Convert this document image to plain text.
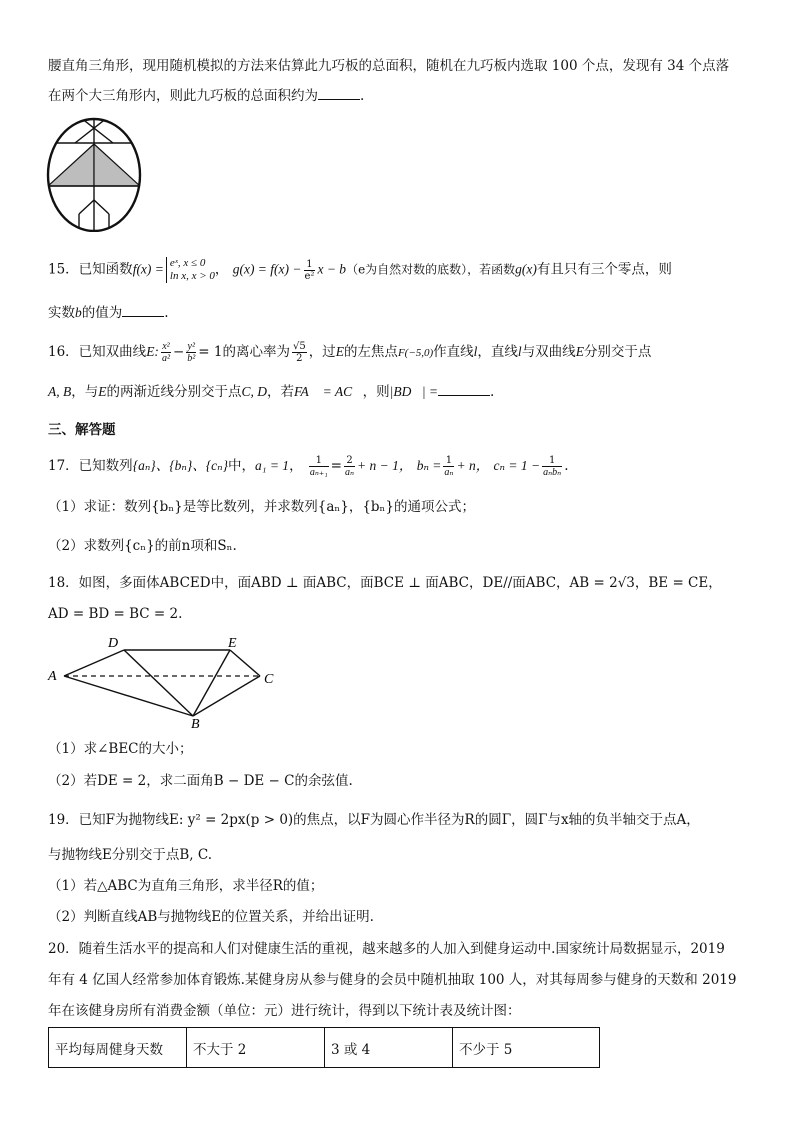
腰直角三角形，现用随机模拟的方法来估算此九巧板的总面积，随机在九巧板内选取 100 个点，发现有 34 个点落
在两个大三角形内，则此九巧板的总面积约为	.
15．已知函数f(x) = eˣ, x ≤ 0
ln x, x > 0 ， $g(x) = f(x) - \frac{1}{\text{e²}}$ x − b（e为自然对数的底数），若函数g(x)有且只有三个零点，则
实数b的值为	.
16．已知双曲线E: $\frac{\text{x²}}{\text{a²}} - \frac{\text{y²}}{\text{b²}} = 1$的离心率为 $\frac{√5}{2}$ ，过E的左焦点F(−5,0)作直线l，直线l与双曲线E分别交于点
A, B，与E的两渐近线分别交于点C, D，若FA⃗ = AC⃗，则|BD⃗| =	.
三、解答题
17．已知数列{aₙ}、{bₙ}、{cₙ}中，a₁ = 1， $\frac{1}{\text{aₙ₊₁}} = \frac{2}{\text{aₙ}} + n - 1$， $b_n = \frac{1}{\text{aₙ}} + n$， $c_n = 1 - \frac{1}{\text{aₙbₙ}}$ .
（1）求证：数列{bₙ}是等比数列，并求数列{aₙ}，{bₙ}的通项公式；
（2）求数列{cₙ}的前n项和Sₙ.
18．如图，多面体ABCED中，面ABD ⊥ 面ABC，面BCE ⊥ 面ABC，DE//面ABC，AB = 2√3，BE = CE，
AD = BD = BC = 2.
A
D	E
C
B
（1）求∠BEC的大小；
（2）若DE = 2，求二面角B − DE − C的余弦值.
19．已知F为抛物线E: y² = 2px(p > 0)的焦点，以F为圆心作半径为R的圆Γ，圆Γ与x轴的负半轴交于点A，
与抛物线E分别交于点B, C.
（1）若△ABC为直角三角形，求半径R的值；
（2）判断直线AB与抛物线E的位置关系，并给出证明.
20．随着生活水平的提高和人们对健康生活的重视，越来越多的人加入到健身运动中.国家统计局数据显示，2019
年有 4 亿国人经常参加体育锻炼.某健身房从参与健身的会员中随机抽取 100 人，对其每周参与健身的天数和 2019
年在该健身房所有消费金额（单位：元）进行统计，得到以下统计表及统计图：
平均每周健身天数	不大于 2	3 或 4	不少于 5
